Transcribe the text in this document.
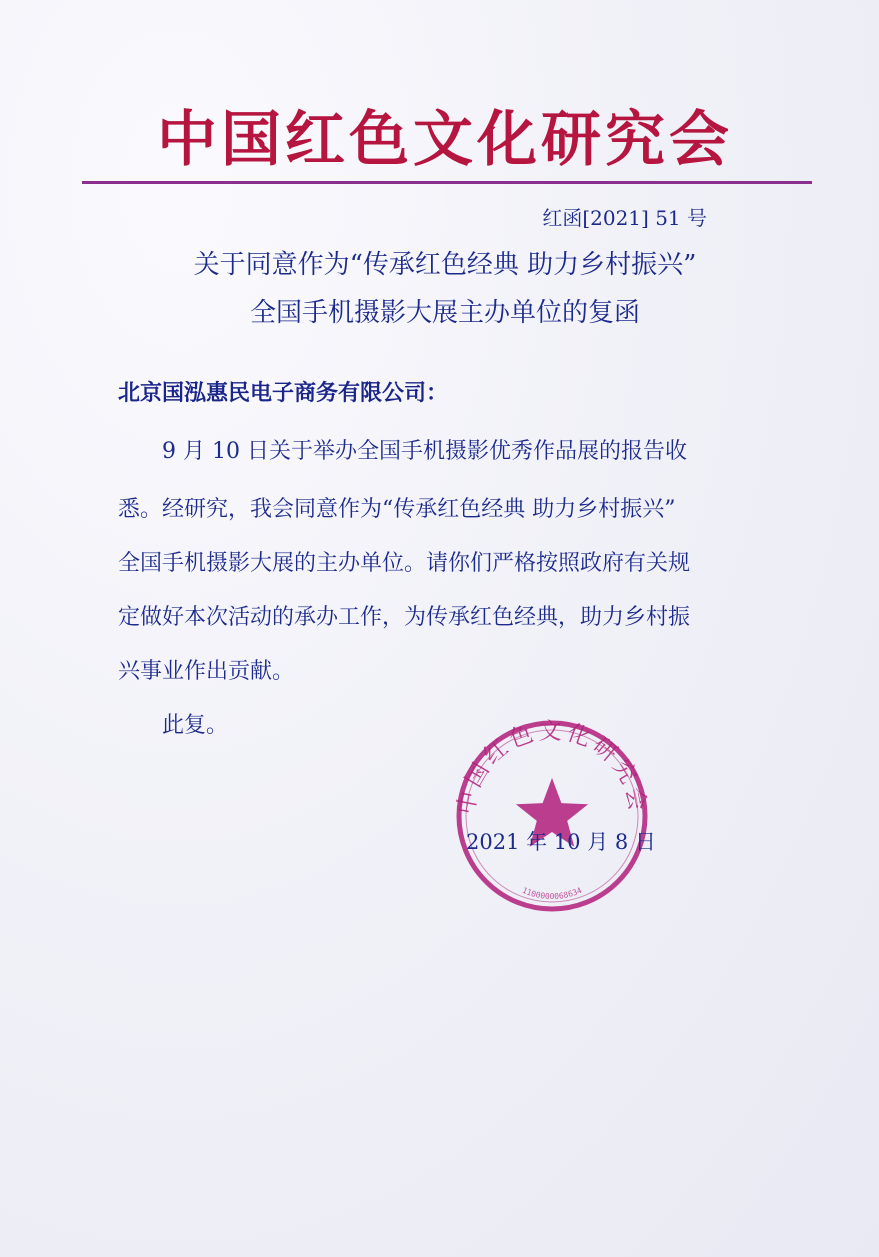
中国红色文化研究会
红函[2021] 51 号
关于同意作为“传承红色经典 助力乡村振兴”
全国手机摄影大展主办单位的复函
北京国泓惠民电子商务有限公司：
9 月 10 日关于举办全国手机摄影优秀作品展的报告收
悉。经研究，我会同意作为“传承红色经典 助力乡村振兴”
全国手机摄影大展的主办单位。请你们严格按照政府有关规
定做好本次活动的承办工作，为传承红色经典，助力乡村振
兴事业作出贡献。
此复。
中国红色文化研究会
1100000068634
2021 年 10 月 8 日
